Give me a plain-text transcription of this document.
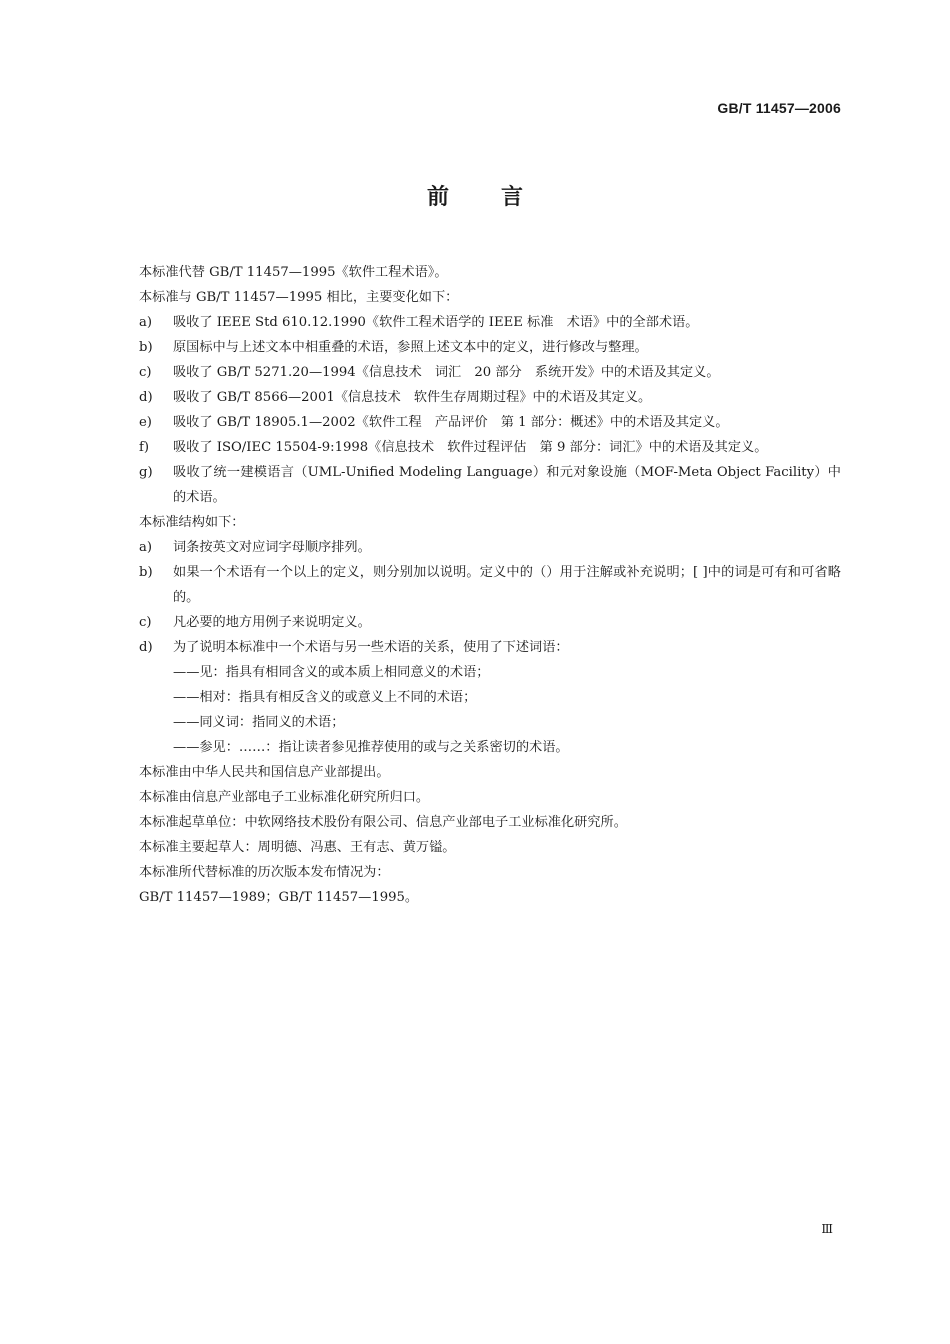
GB/T 11457—2006
前言
本标准代替 GB/T 11457—1995《软件工程术语》。
本标准与 GB/T 11457—1995 相比，主要变化如下：
a)	吸收了 IEEE Std 610.12.1990《软件工程术语学的 IEEE 标准　术语》中的全部术语。
b)	原国标中与上述文本中相重叠的术语，参照上述文本中的定义，进行修改与整理。
c)	吸收了 GB/T 5271.20—1994《信息技术　词汇　20 部分　系统开发》中的术语及其定义。
d)	吸收了 GB/T 8566—2001《信息技术　软件生存周期过程》中的术语及其定义。
e)	吸收了 GB/T 18905.1—2002《软件工程　产品评价　第 1 部分：概述》中的术语及其定义。
f)	吸收了 ISO/IEC 15504-9:1998《信息技术　软件过程评估　第 9 部分：词汇》中的术语及其定义。
g)	吸收了统一建模语言（UML-Unified Modeling Language）和元对象设施（MOF-Meta Object Facility）中的术语。
本标准结构如下：
a)	词条按英文对应词字母顺序排列。
b)	如果一个术语有一个以上的定义，则分别加以说明。定义中的（）用于注解或补充说明；[ ]中的词是可有和可省略的。
c)	凡必要的地方用例子来说明定义。
d)	为了说明本标准中一个术语与另一些术语的关系，使用了下述词语：
——见：指具有相同含义的或本质上相同意义的术语；
——相对：指具有相反含义的或意义上不同的术语；
——同义词：指同义的术语；
——参见：……：指让读者参见推荐使用的或与之关系密切的术语。
本标准由中华人民共和国信息产业部提出。
本标准由信息产业部电子工业标准化研究所归口。
本标准起草单位：中软网络技术股份有限公司、信息产业部电子工业标准化研究所。
本标准主要起草人：周明德、冯惠、王有志、黄万镒。
本标准所代替标准的历次版本发布情况为：
GB/T 11457—1989；GB/T 11457—1995。
Ⅲ
